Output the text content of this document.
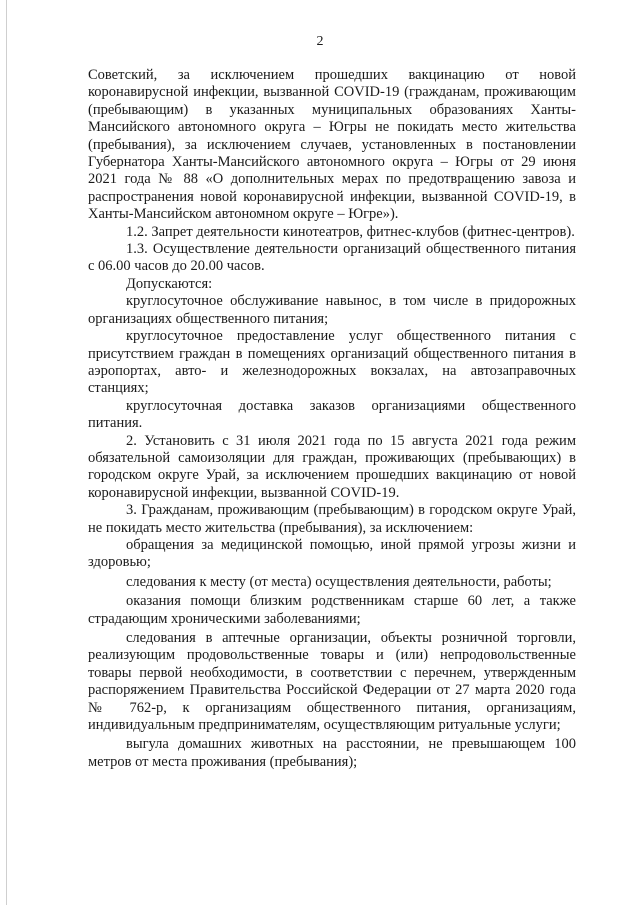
2

Советский, за исключением прошедших вакцинацию от новой коронавирусной инфекции, вызванной COVID-19 (гражданам, проживающим (пребывающим) в указанных муниципальных образованиях Ханты-Мансийского автономного округа – Югры не покидать место жительства (пребывания), за исключением случаев, установленных в постановлении Губернатора Ханты-Мансийского автономного округа – Югры от 29 июня 2021 года № 88 «О дополнительных мерах по предотвращению завоза и распространения новой коронавирусной инфекции, вызванной COVID-19, в Ханты-Мансийском автономном округе – Югре»).

1.2. Запрет деятельности кинотеатров, фитнес-клубов (фитнес-центров).

1.3. Осуществление деятельности организаций общественного питания с 06.00 часов до 20.00 часов.

Допускаются:

круглосуточное обслуживание навынос, в том числе в придорожных организациях общественного питания;

круглосуточное предоставление услуг общественного питания с присутствием граждан в помещениях организаций общественного питания в аэропортах, авто- и железнодорожных вокзалах, на автозаправочных станциях;

круглосуточная доставка заказов организациями общественного питания.

2. Установить с 31 июля 2021 года по 15 августа 2021 года режим обязательной самоизоляции для граждан, проживающих (пребывающих) в городском округе Урай, за исключением прошедших вакцинацию от новой коронавирусной инфекции, вызванной COVID-19.

3. Гражданам, проживающим (пребывающим) в городском округе Урай, не покидать место жительства (пребывания), за исключением:

обращения за медицинской помощью, иной прямой угрозы жизни и здоровью;

следования к месту (от места) осуществления деятельности, работы;

оказания помощи близким родственникам старше 60 лет, а также страдающим хроническими заболеваниями;

следования в аптечные организации, объекты розничной торговли, реализующим продовольственные товары и (или) непродовольственные товары первой необходимости, в соответствии с перечнем, утвержденным распоряжением Правительства Российской Федерации от 27 марта 2020 года № 762-р, к организациям общественного питания, организациям, индивидуальным предпринимателям, осуществляющим ритуальные услуги;

выгула домашних животных на расстоянии, не превышающем 100 метров от места проживания (пребывания);
